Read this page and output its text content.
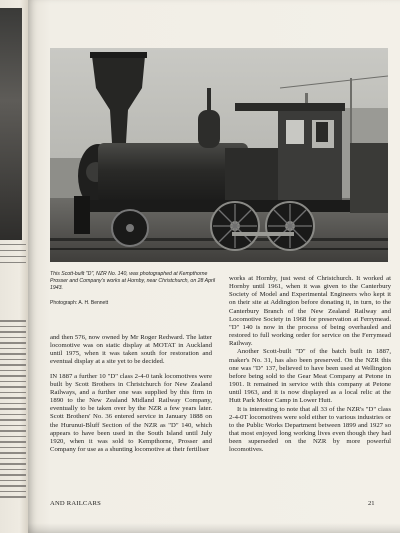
This Scott-built "D", NZR No. 140, was photographed at Kempthorne Prosser and Company's works at Hornby, near Christchurch, on 28 April 1943.
Photograph: A. H. Bennett

and then 576, now owned by Mr Roger Redward. The latter locomotive was on static display at MOTAT in Auckland until 1975, when it was taken south for restoration and eventual display at a site yet to be decided.

IN 1887 a further 10 "D" class 2-4-0 tank locomotives were built by Scott Brothers in Christchurch for New Zealand Railways, and a further one was supplied by this firm in 1890 to the New Zealand Midland Railway Company, eventually to be taken over by the NZR a few years later. Scott Brothers' No. 36 entered service in January 1888 on the Hurunui-Bluff Section of the NZR as "D" 140, which appears to have been used in the South Island until July 1920, when it was sold to Kempthorne, Prosser and Company for use as a shunting locomotive at their fertiliser

works at Hornby, just west of Christchurch. It worked at Hornby until 1961, when it was given to the Canterbury Society of Model and Experimental Engineers who kept it on their site at Addington before donating it, in turn, to the Canterbury Branch of the New Zealand Railway and Locomotive Society in 1968 for preservation at Ferrymead. "D" 140 is now in the process of being overhauled and restored to full working order for service on the Ferrymead Railway.

Another Scott-built "D" of the batch built in 1887, maker's No. 31, has also been preserved. On the NZR this one was "D" 137, believed to have been used at Wellington before being sold to the Gear Meat Company at Petone in 1901. It remained in service with this company at Petone until 1963, and it is now displayed as a local relic at the Hutt Park Motor Camp in Lower Hutt.

It is interesting to note that all 33 of the NZR's "D" class 2-4-0T locomotives were sold either to various industries or to the Public Works Department between 1899 and 1927 so that most enjoyed long working lives even though they had been superseded on the NZR by more powerful locomotives.

AND RAILCARS	21
